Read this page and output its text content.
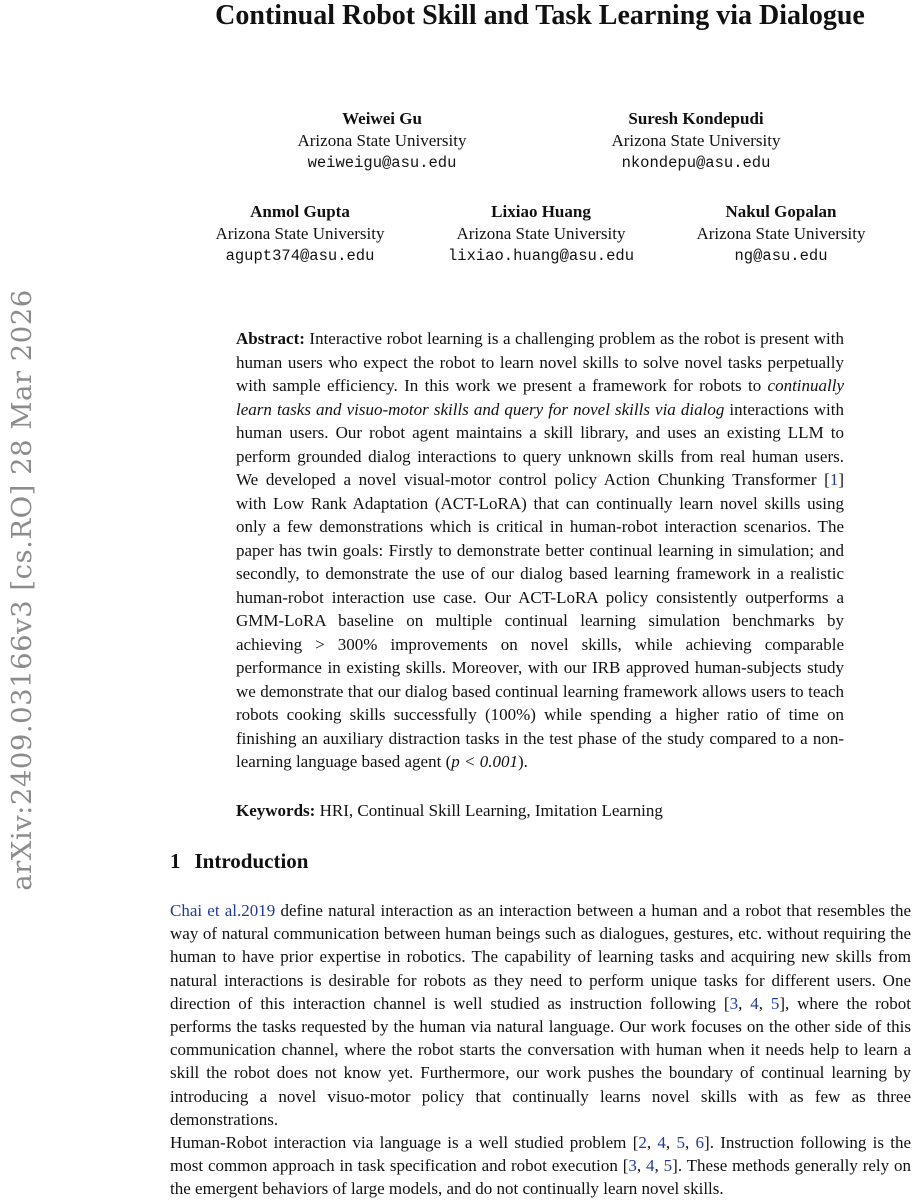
arXiv:2409.03166v3 [cs.RO] 28 Mar 2026
Continual Robot Skill and Task Learning via Dialogue
Weiwei Gu
Arizona State University
weiweigu@asu.edu
Suresh Kondepudi
Arizona State University
nkondepu@asu.edu
Anmol Gupta
Arizona State University
agupt374@asu.edu
Lixiao Huang
Arizona State University
lixiao.huang@asu.edu
Nakul Gopalan
Arizona State University
ng@asu.edu
Abstract: Interactive robot learning is a challenging problem as the robot is present with human users who expect the robot to learn novel skills to solve novel tasks perpetually with sample efficiency. In this work we present a framework for robots to continually learn tasks and visuo-motor skills and query for novel skills via dialog interactions with human users. Our robot agent maintains a skill library, and uses an existing LLM to perform grounded dialog interactions to query unknown skills from real human users. We developed a novel visual-motor control policy Action Chunking Transformer [1] with Low Rank Adaptation (ACT-LoRA) that can continually learn novel skills using only a few demonstrations which is critical in human-robot interaction scenarios. The paper has twin goals: Firstly to demonstrate better continual learning in simulation; and secondly, to demonstrate the use of our dialog based learning framework in a realistic human-robot interaction use case. Our ACT-LoRA policy consistently outperforms a GMM-LoRA baseline on multiple continual learning simulation benchmarks by achieving > 300% improvements on novel skills, while achieving comparable performance in existing skills. Moreover, with our IRB approved human-subjects study we demonstrate that our dialog based continual learning framework allows users to teach robots cooking skills successfully (100%) while spending a higher ratio of time on finishing an auxiliary distraction tasks in the test phase of the study compared to a non-learning language based agent (p < 0.001).
Keywords: HRI, Continual Skill Learning, Imitation Learning
1 Introduction
Chai et al.2019 define natural interaction as an interaction between a human and a robot that resembles the way of natural communication between human beings such as dialogues, gestures, etc. without requiring the human to have prior expertise in robotics. The capability of learning tasks and acquiring new skills from natural interactions is desirable for robots as they need to perform unique tasks for different users. One direction of this interaction channel is well studied as instruction following [3, 4, 5], where the robot performs the tasks requested by the human via natural language. Our work focuses on the other side of this communication channel, where the robot starts the conversation with human when it needs help to learn a skill the robot does not know yet. Furthermore, our work pushes the boundary of continual learning by introducing a novel visuo-motor policy that continually learns novel skills with as few as three demonstrations.
Human-Robot interaction via language is a well studied problem [2, 4, 5, 6]. Instruction following is the most common approach in task specification and robot execution [3, 4, 5]. These methods generally rely on the emergent behaviors of large models, and do not continually learn novel skills.
